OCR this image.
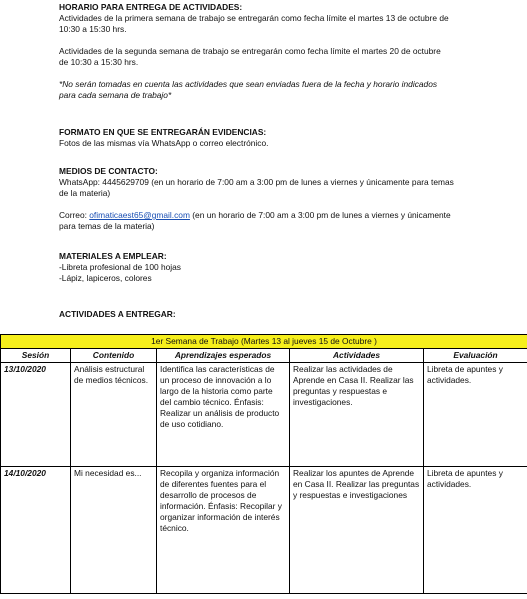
HORARIO PARA ENTREGA DE ACTIVIDADES:

Actividades de la primera semana de trabajo se entregarán como fecha límite el martes 13 de octubre de 10:30 a 15:30 hrs.

Actividades de la segunda semana de trabajo se entregarán como fecha límite el martes 20 de octubre de 10:30 a 15:30 hrs.

*No serán tomadas en cuenta las actividades que sean enviadas fuera de la fecha y horario indicados para cada semana de trabajo*

FORMATO EN QUE SE ENTREGARÁN EVIDENCIAS:

Fotos de las mismas vía WhatsApp o correo electrónico.

MEDIOS DE CONTACTO:

WhatsApp: 4445629709 (en un horario de 7:00 am a 3:00 pm de lunes a viernes y únicamente para temas de la materia)

Correo: ofimaticaest65@gmail.com (en un horario de 7:00 am a 3:00 pm de lunes a viernes y únicamente para temas de la materia)

MATERIALES A EMPLEAR:
-Libreta profesional de 100 hojas
-Lápiz, lapiceros, colores
ACTIVIDADES A ENTREGAR:
1er Semana de Trabajo (Martes 13 al jueves 15 de Octubre )				
Sesión	Contenido	Aprendizajes esperados	Actividades	Evaluación
13/10/2020	Análisis estructural de medios técnicos.	Identifica las características de un proceso de innovación a lo largo de la historia como parte del cambio técnico. Énfasis: Realizar un análisis de producto de uso cotidiano.	Realizar las actividades de Aprende en Casa II. Realizar las preguntas y respuestas e investigaciones.	Libreta de apuntes y actividades.
14/10/2020	Mi necesidad es...	Recopila y organiza información de diferentes fuentes para el desarrollo de procesos de información. Énfasis: Recopilar y organizar información de interés técnico.	Realizar los apuntes de Aprende en Casa II. Realizar las preguntas y respuestas e investigaciones	Libreta de apuntes y actividades.
